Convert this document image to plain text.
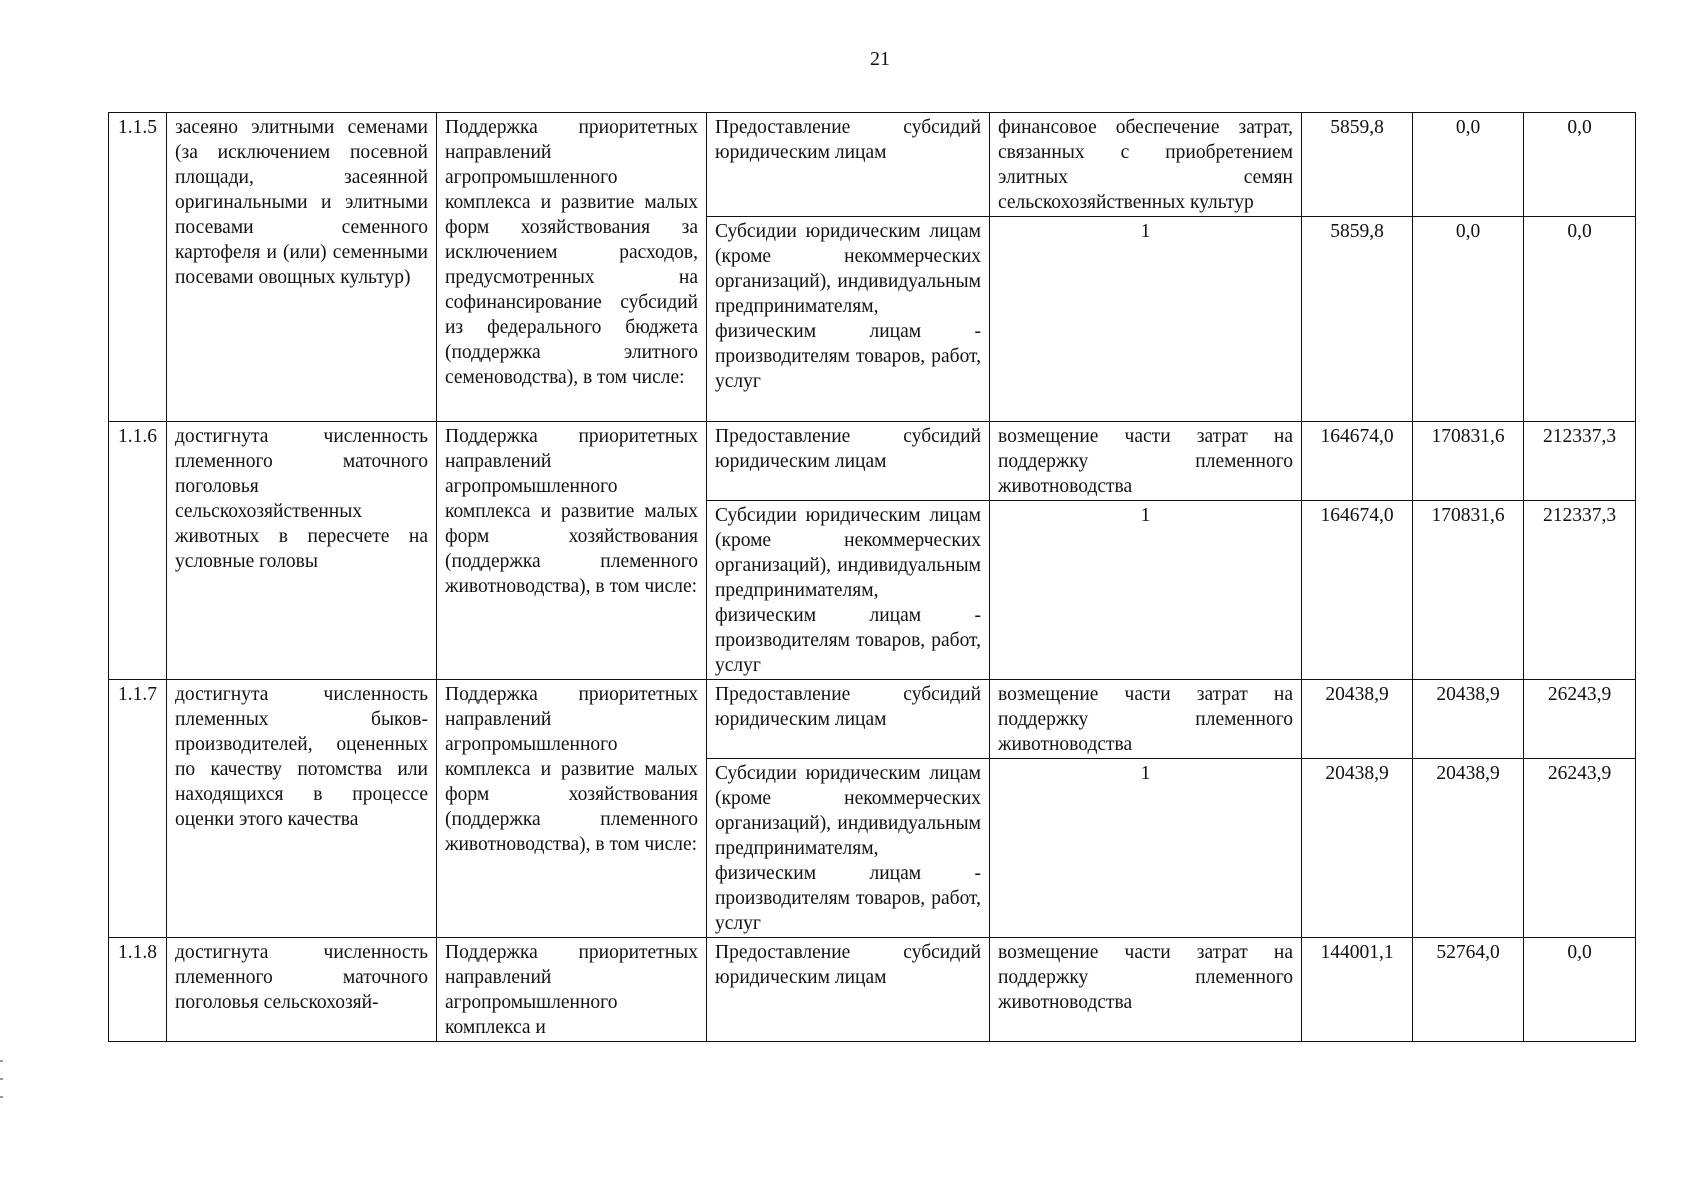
21
1.1.5	засеяно элитными семенами (за исключением посевной площади, засеянной оригинальными и элитными посевами семенного картофеля и (или) семенными посевами овощных культур)	Поддержка приоритетных направлений агропромышленного комплекса и развитие малых форм хозяйствования за исключением расходов, предусмотренных на софинансирование субсидий из федерального бюджета (поддержка элитного семеноводства), в том числе:	Предоставление субсидий юридическим лицам	финансовое обеспечение затрат, связанных с приобретением элитных семян сельскохозяйственных культур	5859,8	0,0	0,0

			Субсидии юридическим лицам (кроме некоммерческих организаций), индивидуальным предпринимателям, физическим лицам - производителям товаров, работ, услуг	1	5859,8	0,0	0,0
1.1.6	достигнута численность племенного маточного поголовья сельскохозяйственных животных в пересчете на условные головы	Поддержка приоритетных направлений агропромышленного комплекса и развитие малых форм хозяйствования (поддержка племенного животноводства), в том числе:	Предоставление субсидий юридическим лицам	возмещение части затрат на поддержку племенного животноводства	164674,0	170831,6	212337,3

			Субсидии юридическим лицам (кроме некоммерческих организаций), индивидуальным предпринимателям, физическим лицам - производителям товаров, работ, услуг	1	164674,0	170831,6	212337,3
1.1.7	достигнута численность племенных быков-производителей, оцененных по качеству потомства или находящихся в процессе оценки этого качества	Поддержка приоритетных направлений агропромышленного комплекса и развитие малых форм хозяйствования (поддержка племенного животноводства), в том числе:	Предоставление субсидий юридическим лицам	возмещение части затрат на поддержку племенного животноводства	20438,9	20438,9	26243,9

			Субсидии юридическим лицам (кроме некоммерческих организаций), индивидуальным предпринимателям, физическим лицам - производителям товаров, работ, услуг	1	20438,9	20438,9	26243,9
1.1.8	достигнута численность племенного маточного поголовья сельскохозяй-	Поддержка приоритетных направлений агропромышленного комплекса и	Предоставление субсидий юридическим лицам	возмещение части затрат на поддержку племенного животноводства	144001,1	52764,0	0,0
